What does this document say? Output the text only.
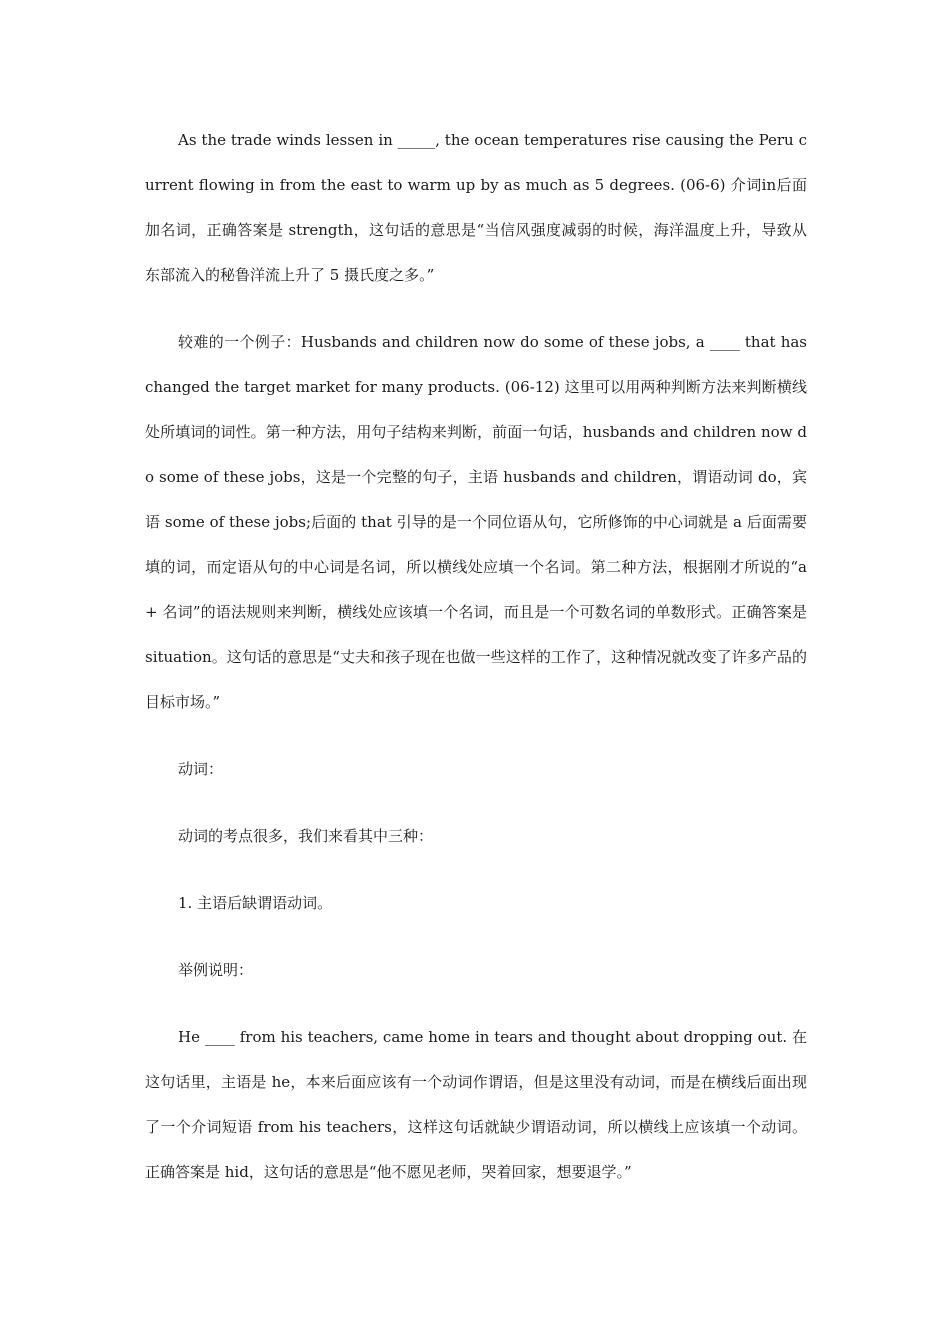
As the trade winds lessen in _____, the ocean temperatures rise causing the Peru current flowing in from the east to warm up by as much as 5 degrees. (06-6) 介词in后面加名词，正确答案是 strength，这句话的意思是“当信风强度减弱的时候，海洋温度上升，导致从东部流入的秘鲁洋流上升了 5 摄氏度之多。”

较难的一个例子：Husbands and children now do some of these jobs, a ____ that has changed the target market for many products. (06-12) 这里可以用两种判断方法来判断横线处所填词的词性。第一种方法，用句子结构来判断，前面一句话，husbands and children now do some of these jobs，这是一个完整的句子，主语 husbands and children，谓语动词 do，宾语 some of these jobs;后面的 that 引导的是一个同位语从句，它所修饰的中心词就是 a 后面需要填的词，而定语从句的中心词是名词，所以横线处应填一个名词。第二种方法，根据刚才所说的“a + 名词”的语法规则来判断，横线处应该填一个名词，而且是一个可数名词的单数形式。正确答案是 situation。这句话的意思是“丈夫和孩子现在也做一些这样的工作了，这种情况就改变了许多产品的目标市场。”

动词：

动词的考点很多，我们来看其中三种：

1. 主语后缺谓语动词。

举例说明：

He ____ from his teachers, came home in tears and thought about dropping out. 在这句话里，主语是 he，本来后面应该有一个动词作谓语，但是这里没有动词，而是在横线后面出现了一个介词短语 from his teachers，这样这句话就缺少谓语动词，所以横线上应该填一个动词。正确答案是 hid，这句话的意思是“他不愿见老师，哭着回家，想要退学。”
